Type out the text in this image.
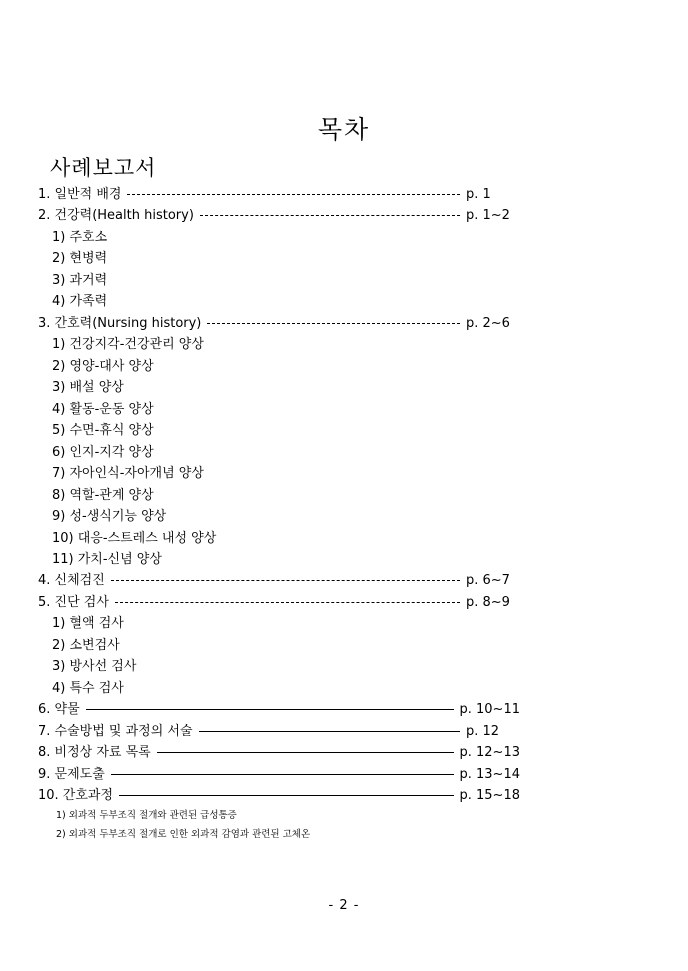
목차
사례보고서
1. 일반적 배경	p. 1
2. 건강력(Health history)	p. 1~2
1) 주호소
2) 현병력
3) 과거력
4) 가족력
3. 간호력(Nursing history)	p. 2~6
1) 건강지각-건강관리 양상
2) 영양-대사 양상
3) 배설 양상
4) 활동-운동 양상
5) 수면-휴식 양상
6) 인지-지각 양상
7) 자아인식-자아개념 양상
8) 역할-관계 양상
9) 성-생식기능 양상
10) 대응-스트레스 내성 양상
11) 가치-신념 양상
4. 신체검진	p. 6~7
5. 진단 검사	p. 8~9
1) 혈액 검사
2) 소변검사
3) 방사선 검사
4) 특수 검사
6. 약물	p. 10~11
7. 수술방법 및 과정의 서술	p. 12
8. 비정상 자료 목록	p. 12~13
9. 문제도출	p. 13~14
10. 간호과정	p. 15~18
1) 외과적 두부조직 절개와 관련된 급성통증
2) 외과적 두부조직 절개로 인한 외과적 감염과 관련된 고체온
- 2 -
